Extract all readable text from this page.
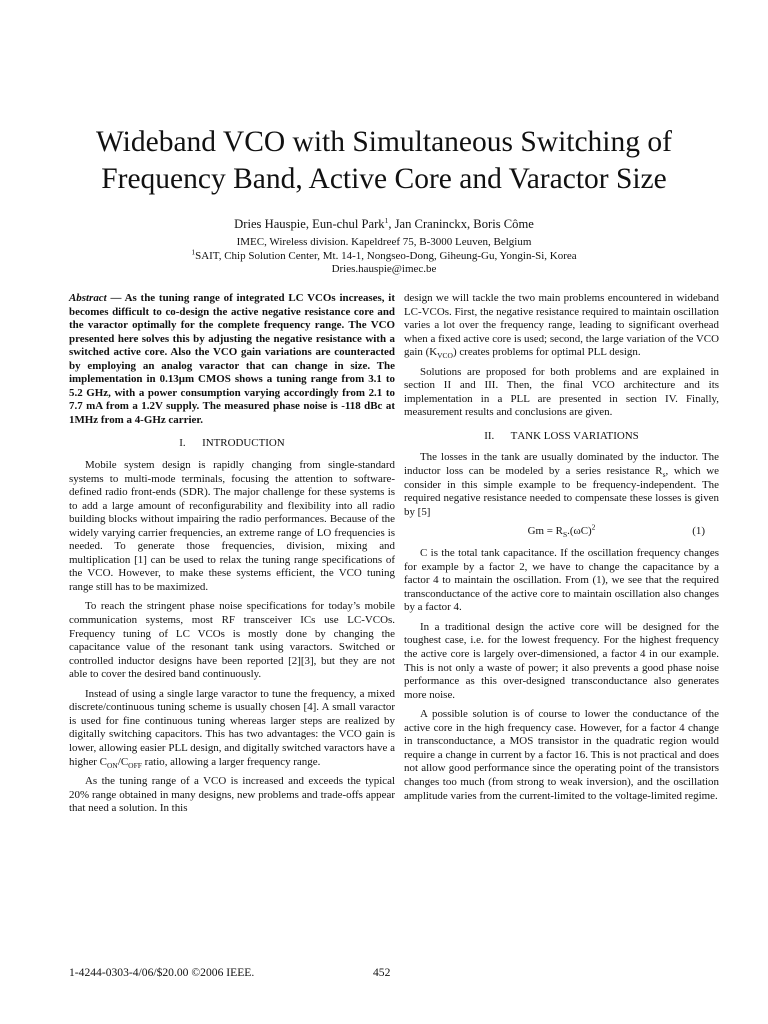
Wideband VCO with Simultaneous Switching of
Frequency Band, Active Core and Varactor Size
Dries Hauspie, Eun-chul Park$^1$, Jan Craninckx, Boris Côme
IMEC, Wireless division. Kapeldreef 75, B-3000 Leuven, Belgium
$^1$SAIT, Chip Solution Center, Mt. 14-1, Nongseo-Dong, Giheung-Gu, Yongin-Si, Korea
Dries.hauspie@imec.be

Abstract — As the tuning range of integrated LC VCOs increases, it becomes difficult to co-design the active negative resistance core and the varactor optimally for the complete frequency range. The VCO presented here solves this by adjusting the negative resistance with a switched active core. Also the VCO gain variations are counteracted by employing an analog varactor that can change in size. The implementation in 0.13μm CMOS shows a tuning range from 3.1 to 5.2 GHz, with a power consumption varying accordingly from 2.1 to 7.7 mA from a 1.2V supply. The measured phase noise is -118 dBc at 1MHz from a 4-GHz carrier.

I. INTRODUCTION

Mobile system design is rapidly changing from single-standard systems to multi-mode terminals, focusing the attention to software-defined radio front-ends (SDR). The major challenge for these systems is to add a large amount of reconfigurability and flexibility into all radio building blocks without impairing the radio performances. Because of the widely varying carrier frequencies, an extreme range of LO frequencies is needed. To generate those frequencies, division, mixing and multiplication [1] can be used to relax the tuning range specifications of the VCO. However, to make these systems efficient, the VCO tuning range still has to be maximized.

To reach the stringent phase noise specifications for today’s mobile communication systems, most RF transceiver ICs use LC-VCOs. Frequency tuning of LC VCOs is mostly done by changing the capacitance value of the resonant tank using varactors. Switched or controlled inductor designs have been reported [2][3], but they are not able to cover the desired band continuously.

Instead of using a single large varactor to tune the frequency, a mixed discrete/continuous tuning scheme is usually chosen [4]. A small varactor is used for fine continuous tuning whereas larger steps are realized by digitally switching capacitors. This has two advantages: the VCO gain is lower, allowing easier PLL design, and digitally switched varactors have a higher $C_{ON}/C_{OFF}$ ratio, allowing a larger frequency range.

As the tuning range of a VCO is increased and exceeds the typical 20% range obtained in many designs, new problems and trade-offs appear that need a solution. In this

design we will tackle the two main problems encountered in wideband LC-VCOs. First, the negative resistance required to maintain oscillation varies a lot over the frequency range, leading to significant overhead when a fixed active core is used; second, the large variation of the VCO gain $(K_{VCO})$ creates problems for optimal PLL design.

Solutions are proposed for both problems and are explained in section II and III. Then, the final VCO architecture and its implementation in a PLL are presented in section IV. Finally, measurement results and conclusions are given.

II. TANK LOSS VARIATIONS

The losses in the tank are usually dominated by the inductor. The inductor loss can be modeled by a series resistance $R_s$, which we consider in this simple example to be frequency-independent. The required negative resistance needed to compensate these losses is given by [5]

$Gm = R_S.(\omega C)^2$	(1)

C is the total tank capacitance. If the oscillation frequency changes for example by a factor 2, we have to change the capacitance by a factor 4 to maintain the oscillation. From (1), we see that the required transconductance of the active core to maintain oscillation also changes by a factor 4.

In a traditional design the active core will be designed for the toughest case, i.e. for the lowest frequency. For the highest frequency the active core is largely over-dimensioned, a factor 4 in our example. This is not only a waste of power; it also prevents a good phase noise performance as this over-designed transconductance also generates more noise.

A possible solution is of course to lower the conductance of the active core in the high frequency case. However, for a factor 4 change in transconductance, a MOS transistor in the quadratic region would require a change in current by a factor 16. This is not practical and does not allow good performance since the operating point of the transistors changes too much (from strong to weak inversion), and the oscillation amplitude varies from the current-limited to the voltage-limited regime.

1-4244-0303-4/06/$20.00 ©2006 IEEE.	452
